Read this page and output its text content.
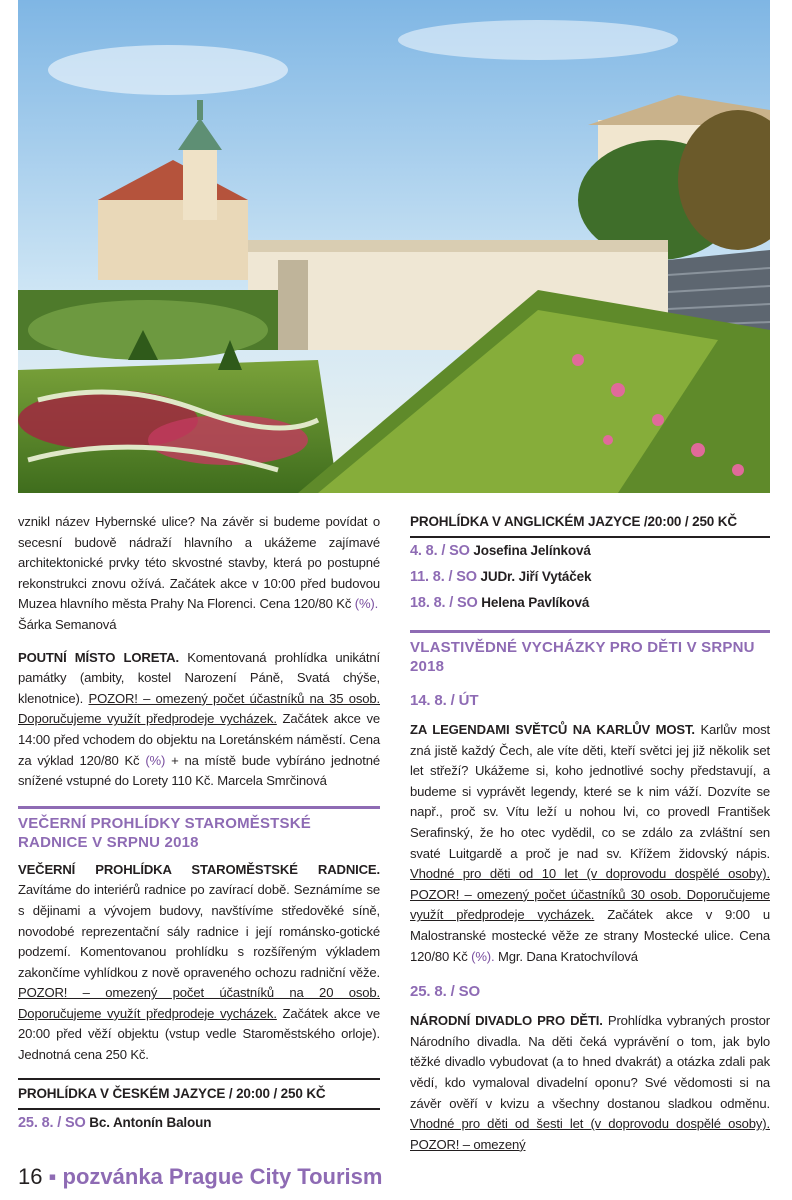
vznikl název Hybernské ulice? Na závěr si budeme povídat o secesní budově nádraží hlavního a ukážeme zajímavé architektonické prvky této skvostné stavby, která po postupné rekonstrukci znovu ožívá. Začátek akce v 10:00 před budovou Muzea hlavního města Prahy Na Florenci. Cena 120/80 Kč (%).
Šárka Semanová

POUTNÍ MÍSTO LORETA. Komentovaná prohlídka unikátní památky (ambity, kostel Narození Páně, Svatá chýše, klenotnice). POZOR! – omezený počet účastníků na 35 osob. Doporučujeme využít předprodeje vycházek. Začátek akce ve 14:00 před vchodem do objektu na Loretánském náměstí. Cena za výklad 120/80 Kč (%) + na místě bude vybíráno jednotné snížené vstupné do Lorety 110 Kč. Marcela Smrčinová

VEČERNÍ PROHLÍDKY STAROMĚSTSKÉ RADNICE V SRPNU 2018

VEČERNÍ PROHLÍDKA STAROMĚSTSKÉ RADNICE. Zavítáme do interiérů radnice po zavírací době. Seznámíme se s dějinami a vývojem budovy, navštívíme středověké síně, novodobé reprezentační sály radnice i její románsko-gotické podzemí. Komentovanou prohlídku s rozšířeným výkladem zakončíme vyhlídkou z nově opraveného ochozu radniční věže. POZOR! – omezený počet účastníků na 20 osob. Doporučujeme využít předprodeje vycházek. Začátek akce ve 20:00 před věží objektu (vstup vedle Staroměstského orloje). Jednotná cena 250 Kč.

PROHLÍDKA V ČESKÉM JAZYCE / 20:00 / 250 KČ
25. 8. / SO Bc. Antonín Baloun
PROHLÍDKA V ANGLICKÉM JAZYCE /20:00 / 250 KČ
4. 8. / SO Josefina Jelínková
11. 8. / SO JUDr. Jiří Vytáček
18. 8. / SO Helena Pavlíková
VLASTIVĚDNÉ VYCHÁZKY PRO DĚTI V SRPNU 2018
14. 8. / ÚT

ZA LEGENDAMI SVĚTCŮ NA KARLŮV MOST. Karlův most zná jistě každý Čech, ale víte děti, kteří světci jej již několik set let střeží? Ukážeme si, koho jednotlivé sochy představují, a budeme si vyprávět legendy, které se k nim váží. Dozvíte se např., proč sv. Vítu leží u nohou lvi, co provedl František Serafinský, že ho otec vydědil, co se zdálo za zvláštní sen svaté Luitgardě a proč je nad sv. Křížem židovský nápis. Vhodné pro děti od 10 let (v doprovodu dospělé osoby). POZOR! – omezený počet účastníků 30 osob. Doporučujeme využít předprodeje vycházek. Začátek akce v 9:00 u Malostranské mostecké věže ze strany Mostecké ulice. Cena 120/80 Kč (%). Mgr. Dana Kratochvílová

25. 8. / SO

NÁRODNÍ DIVADLO PRO DĚTI. Prohlídka vybraných prostor Národního divadla. Na děti čeká vyprávění o tom, jak bylo těžké divadlo vybudovat (a to hned dvakrát) a otázka zdali pak vědí, kdo vymaloval divadelní oponu? Své vědomosti si na závěr ověří v kvizu a všechny dostanou sladkou odměnu. Vhodné pro děti od šesti let (v doprovodu dospělé osoby). POZOR! – omezený

16 ▪ pozvánka Prague City Tourism
